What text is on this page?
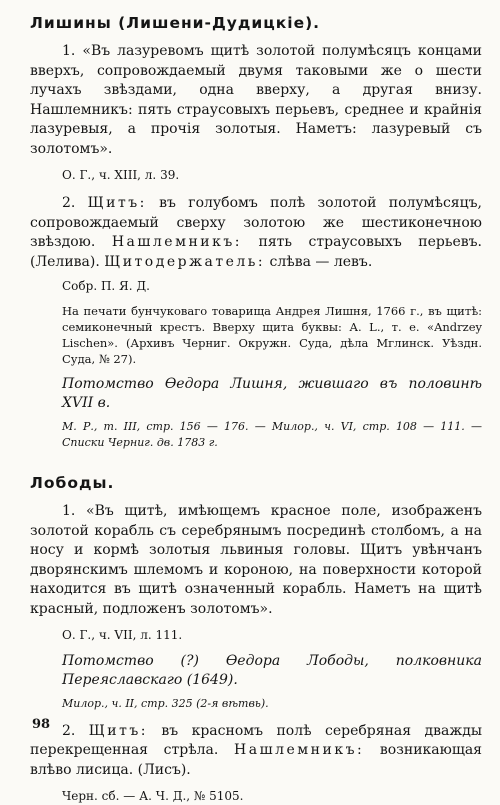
Лишины (Лишени-Дудицкіе).

1. «Въ лазуревомъ щитѣ золотой полумѣсяцъ концами вверхъ, сопровождаемый двумя таковыми же о шести лучахъ звѣздами, одна вверху, а другая внизу. Нашлемникъ: пять страусовыхъ перьевъ, среднее и крайнія лазуревыя, а прочія золотыя. Наметъ: лазуревый съ золотомъ».

О. Г., ч. XIII, л. 39.

2. Щитъ: въ голубомъ полѣ золотой полумѣсяцъ, сопровождаемый сверху золотою же шестиконечною звѣздою. Нашлемникъ: пять страусовыхъ перьевъ. (Лелива). Щитодержатель: слѣва — левъ.

Собр. П. Я. Д.

На печати бунчуковаго товарища Андрея Лишня, 1766 г., въ щитѣ: семиконечный крестъ. Вверху щита буквы: А. L., т. е. «Andrzey Lischen». (Архивъ Черниг. Окружн. Суда, дѣла Мглинск. Уѣздн. Суда, № 27).

Потомство Ѳедора Лишня, жившаго въ половинѣ XVII в.

М. Р., т. III, стр. 156 — 176. — Милор., ч. VI, стр. 108 — 111. — Списки Черниг. дв. 1783 г.

Лободы.

1. «Въ щитѣ, имѣющемъ красное поле, изображенъ золотой корабль съ серебрянымъ посрединѣ столбомъ, а на носу и кормѣ золотыя львиныя головы. Щитъ увѣнчанъ дворянскимъ шлемомъ и короною, на поверхности которой находится въ щитѣ означенный корабль. Наметъ на щитѣ красный, подложенъ золотомъ».

О. Г., ч. VII, л. 111.

Потомство (?) Ѳедора Лободы, полковника Переяславскаго (1649).

Милор., ч. II, стр. 325 (2-я вѣтвь).

2. Щитъ: въ красномъ полѣ серебряная дважды перекрещенная стрѣла. Нашлемникъ: возникающая влѣво лисица. (Лисъ).

Черн. сб. — А. Ч. Д., № 5105.

98
